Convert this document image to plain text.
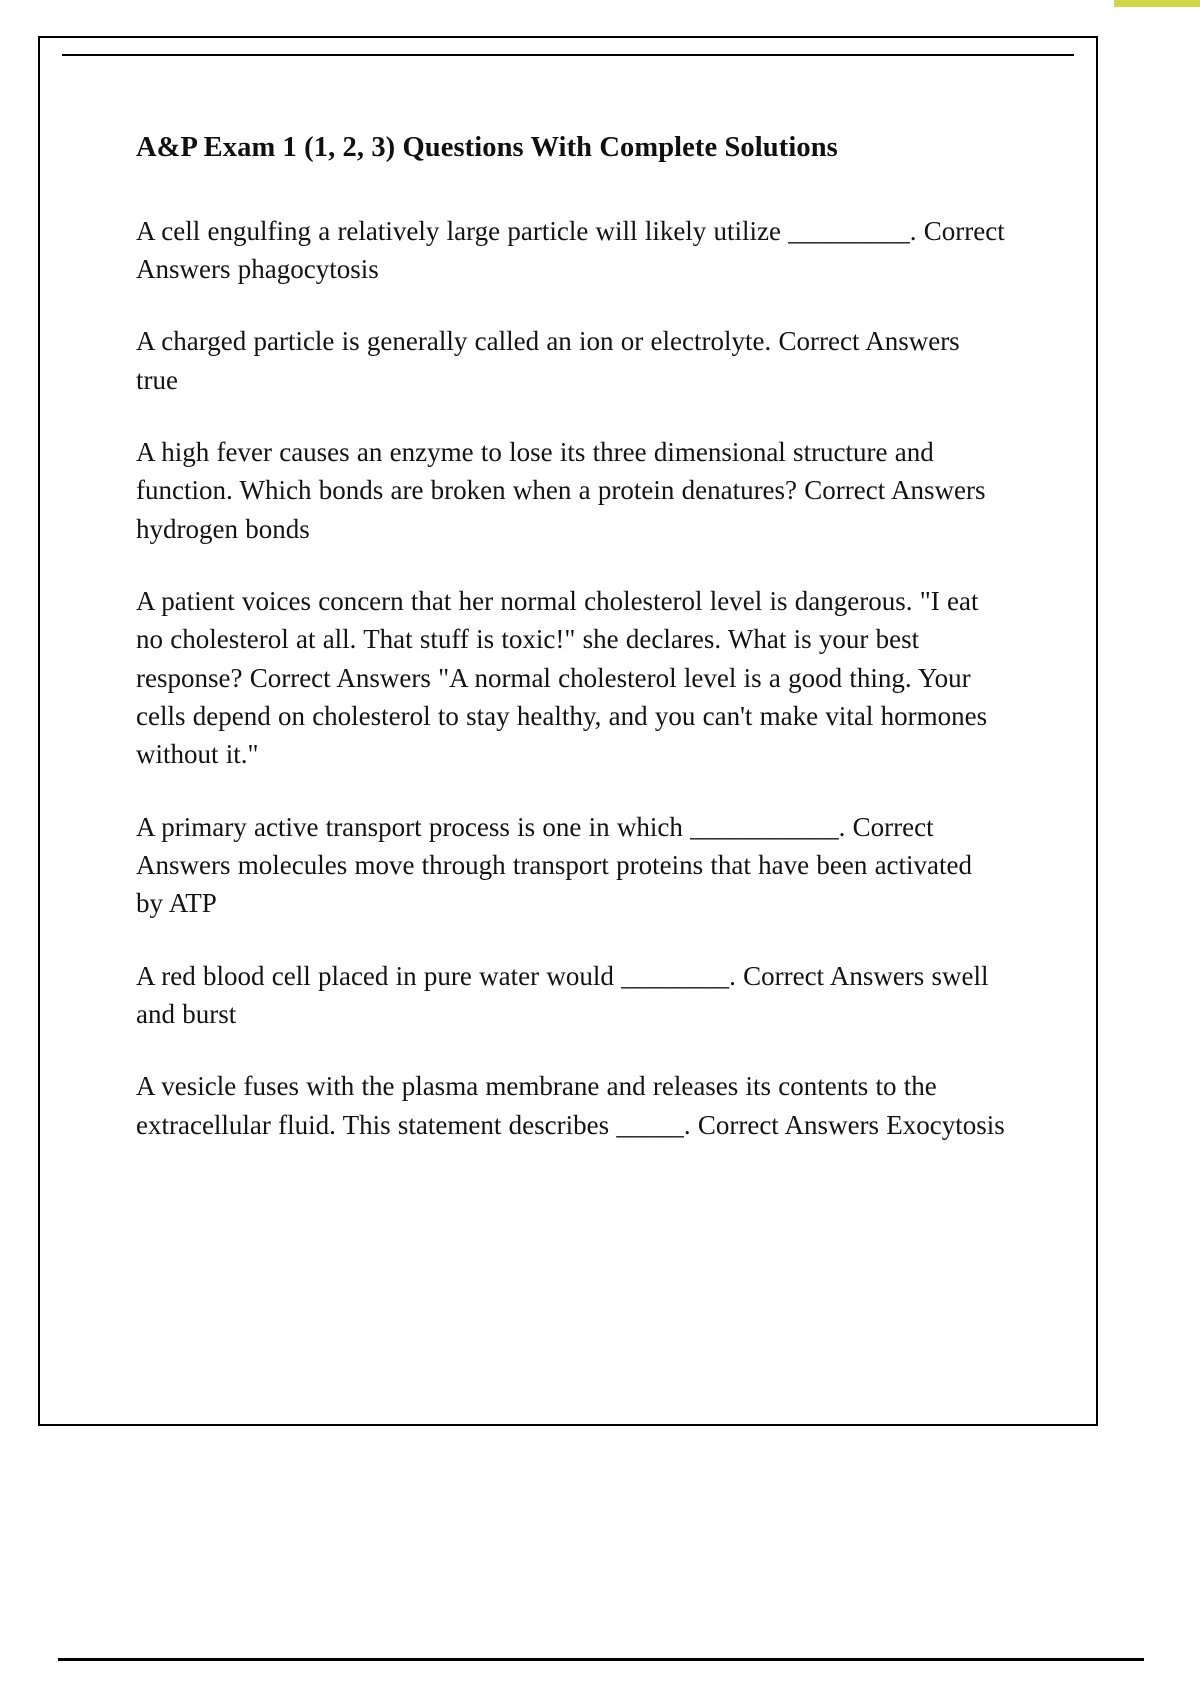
A&P Exam 1 (1, 2, 3) Questions With Complete Solutions

A cell engulfing a relatively large particle will likely utilize _________. Correct Answers phagocytosis

A charged particle is generally called an ion or electrolyte. Correct Answers true

A high fever causes an enzyme to lose its three dimensional structure and function. Which bonds are broken when a protein denatures? Correct Answers hydrogen bonds

A patient voices concern that her normal cholesterol level is dangerous. "I eat no cholesterol at all. That stuff is toxic!" she declares. What is your best response? Correct Answers "A normal cholesterol level is a good thing. Your cells depend on cholesterol to stay healthy, and you can't make vital hormones without it."

A primary active transport process is one in which ___________. Correct Answers molecules move through transport proteins that have been activated by ATP

A red blood cell placed in pure water would ________. Correct Answers swell and burst

A vesicle fuses with the plasma membrane and releases its contents to the extracellular fluid. This statement describes _____. Correct Answers Exocytosis
